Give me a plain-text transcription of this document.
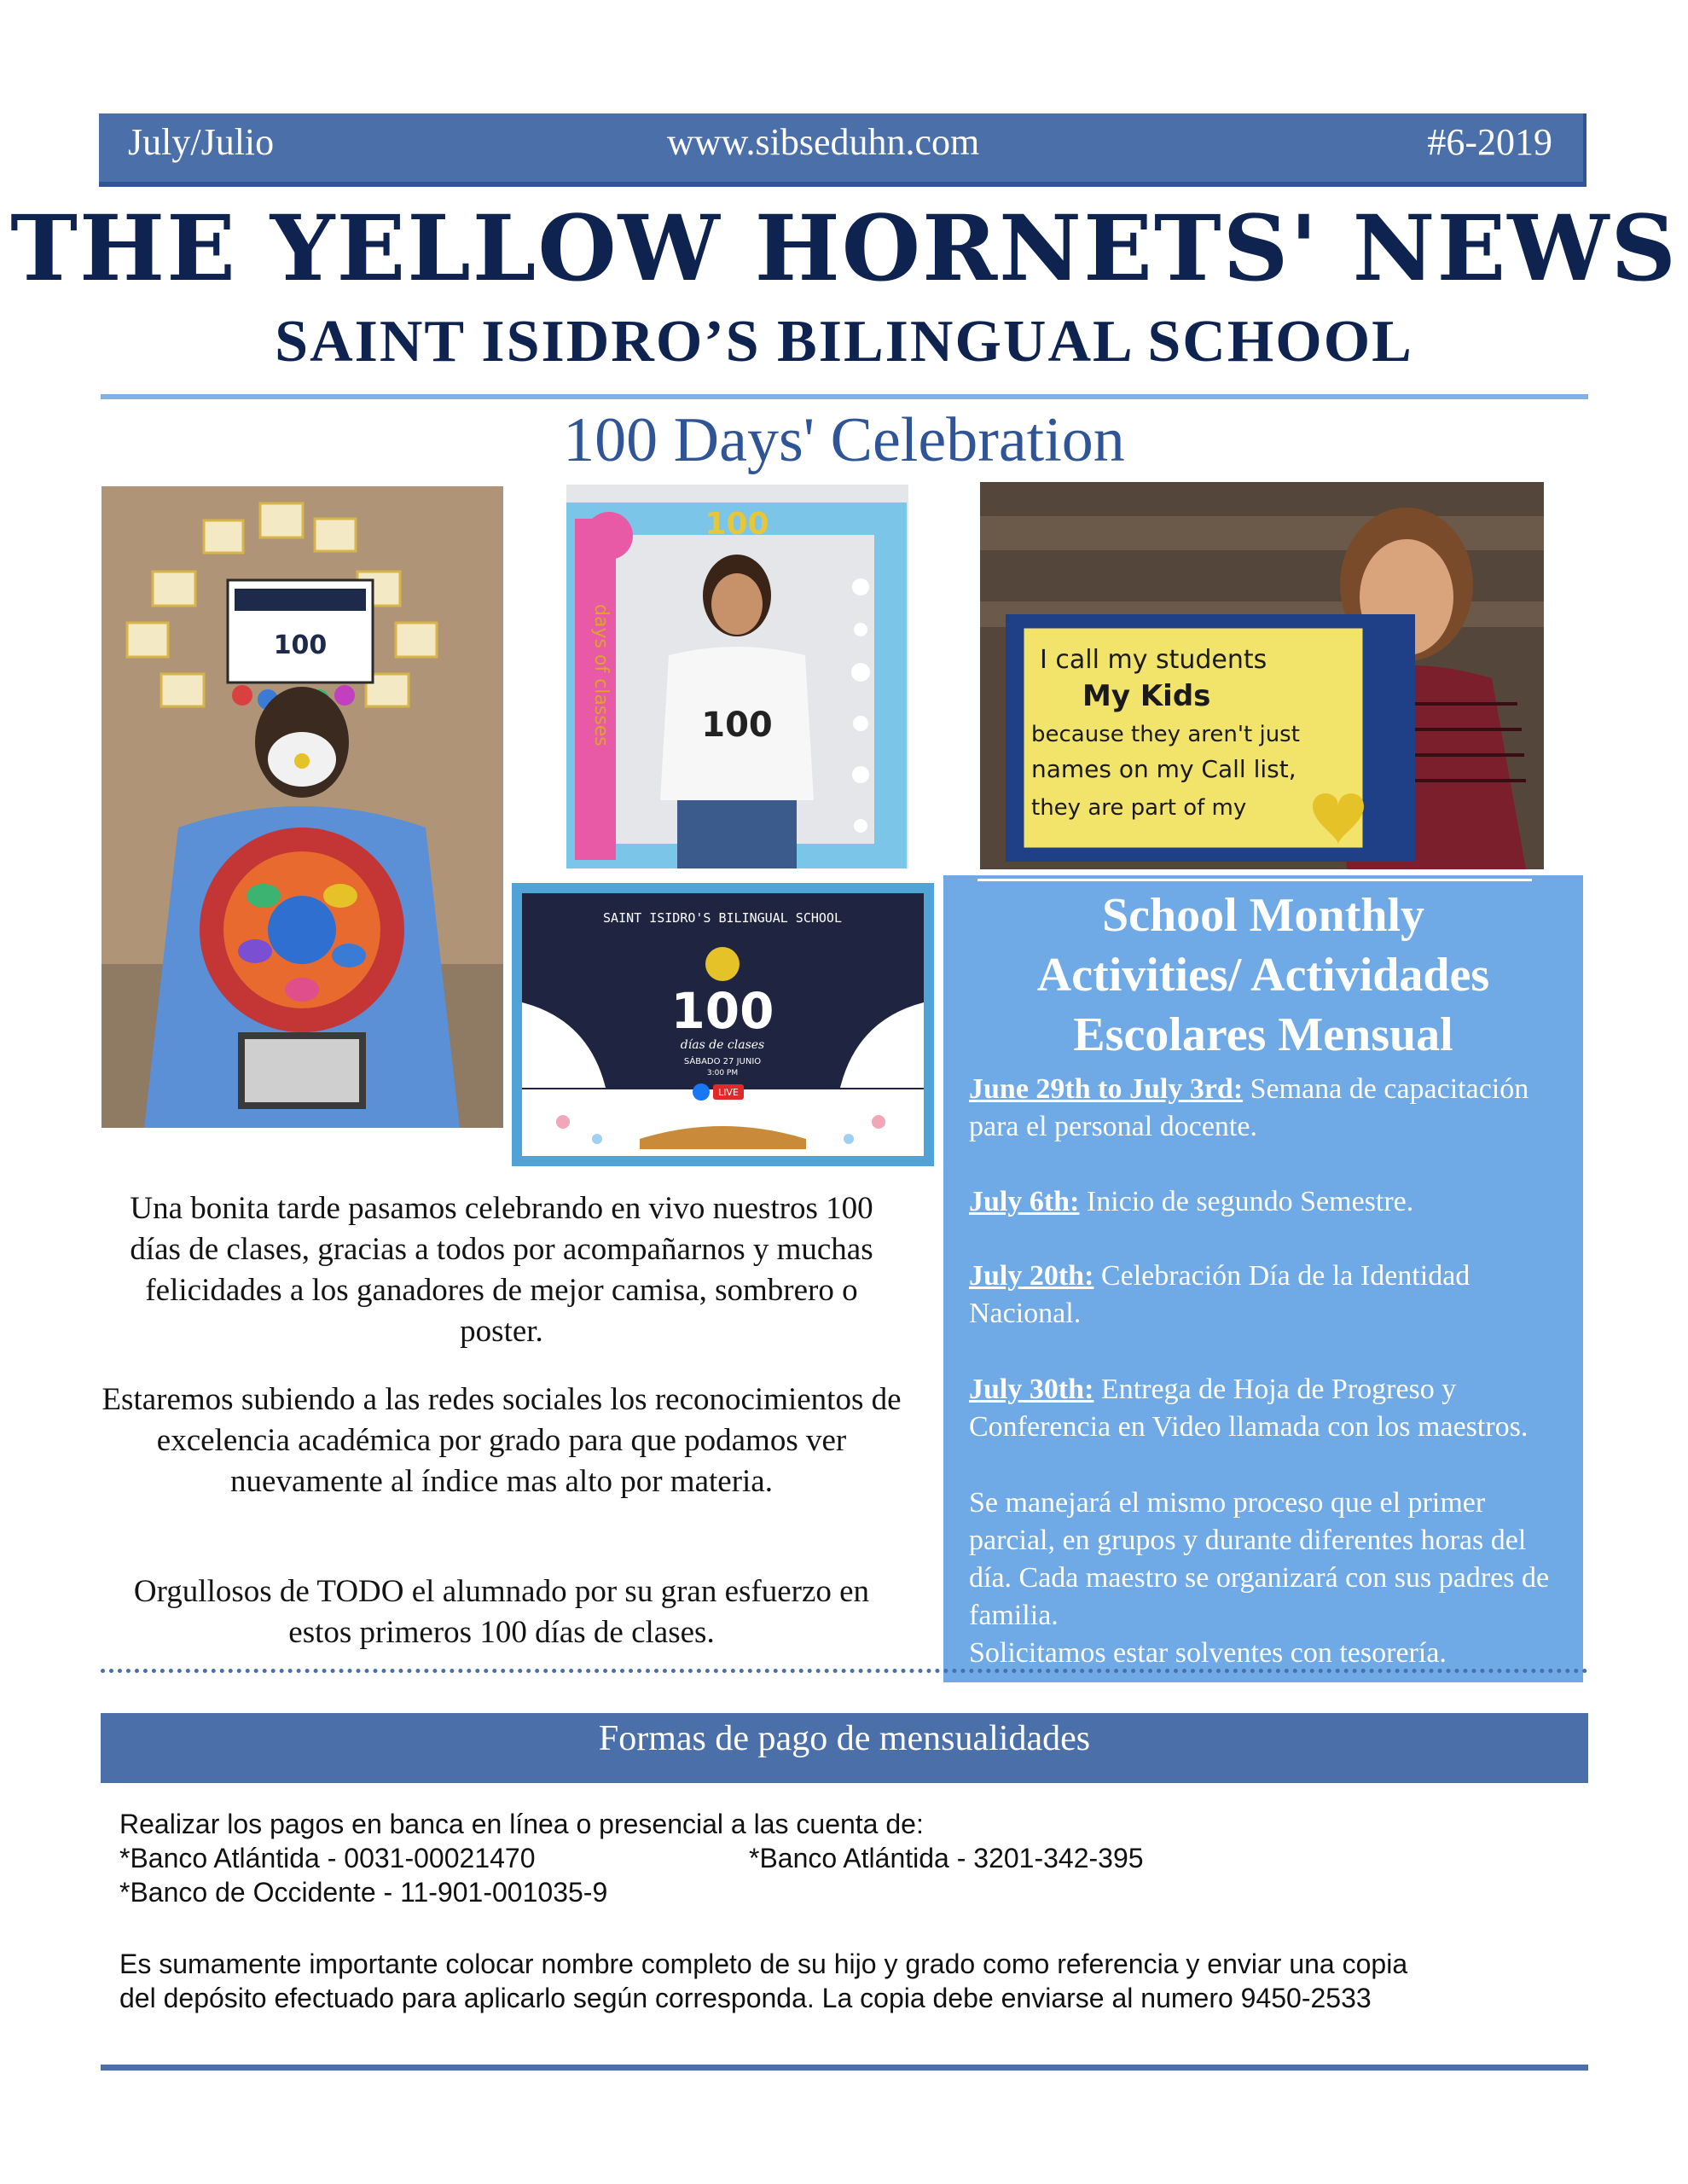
July/Julio	www.sibseduhn.com	#6-2019
THE YELLOW HORNETS' NEWS
SAINT ISIDRO’S BILINGUAL SCHOOL
100 Days' Celebration
100
100
days of classes	100
I call my students
My Kids
because they aren't just
names on my Call list,
they are part of my
SAINT ISIDRO'S BILINGUAL SCHOOL
100
días de clases
SÁBADO 27 JUNIO
3:00 PM
LIVE
School Monthly
Activities/ Actividades
Escolares Mensual
June 29th to July 3rd: Semana de capacitación para el personal docente.
July 6th: Inicio de segundo Semestre.
July 20th: Celebración Día de la Identidad Nacional.
July 30th: Entrega de Hoja de Progreso y Conferencia en Video llamada con los maestros.
Se manejará el mismo proceso que el primer parcial, en grupos y durante diferentes horas del día. Cada maestro se organizará con sus padres de familia.
Solicitamos estar solventes con tesorería.
Una bonita tarde pasamos celebrando en vivo nuestros 100 días de clases, gracias a todos por acompañarnos y muchas felicidades a los ganadores de mejor camisa, sombrero o poster.
Estaremos subiendo a las redes sociales los reconocimientos de excelencia académica por grado para que podamos ver nuevamente al índice mas alto por materia.
Orgullosos de TODO el alumnado por su gran esfuerzo en estos primeros 100 días de clases.
Formas de pago de mensualidades
Realizar los pagos en banca en línea o presencial a las cuenta de:
*Banco Atlántida - 0031-00021470	*Banco Atlántida - 3201-342-395
*Banco de Occidente - 11-901-001035-9
Es sumamente importante colocar nombre completo de su hijo y grado como referencia y enviar una copia
del depósito efectuado para aplicarlo según corresponda. La copia debe enviarse al numero 9450-2533
